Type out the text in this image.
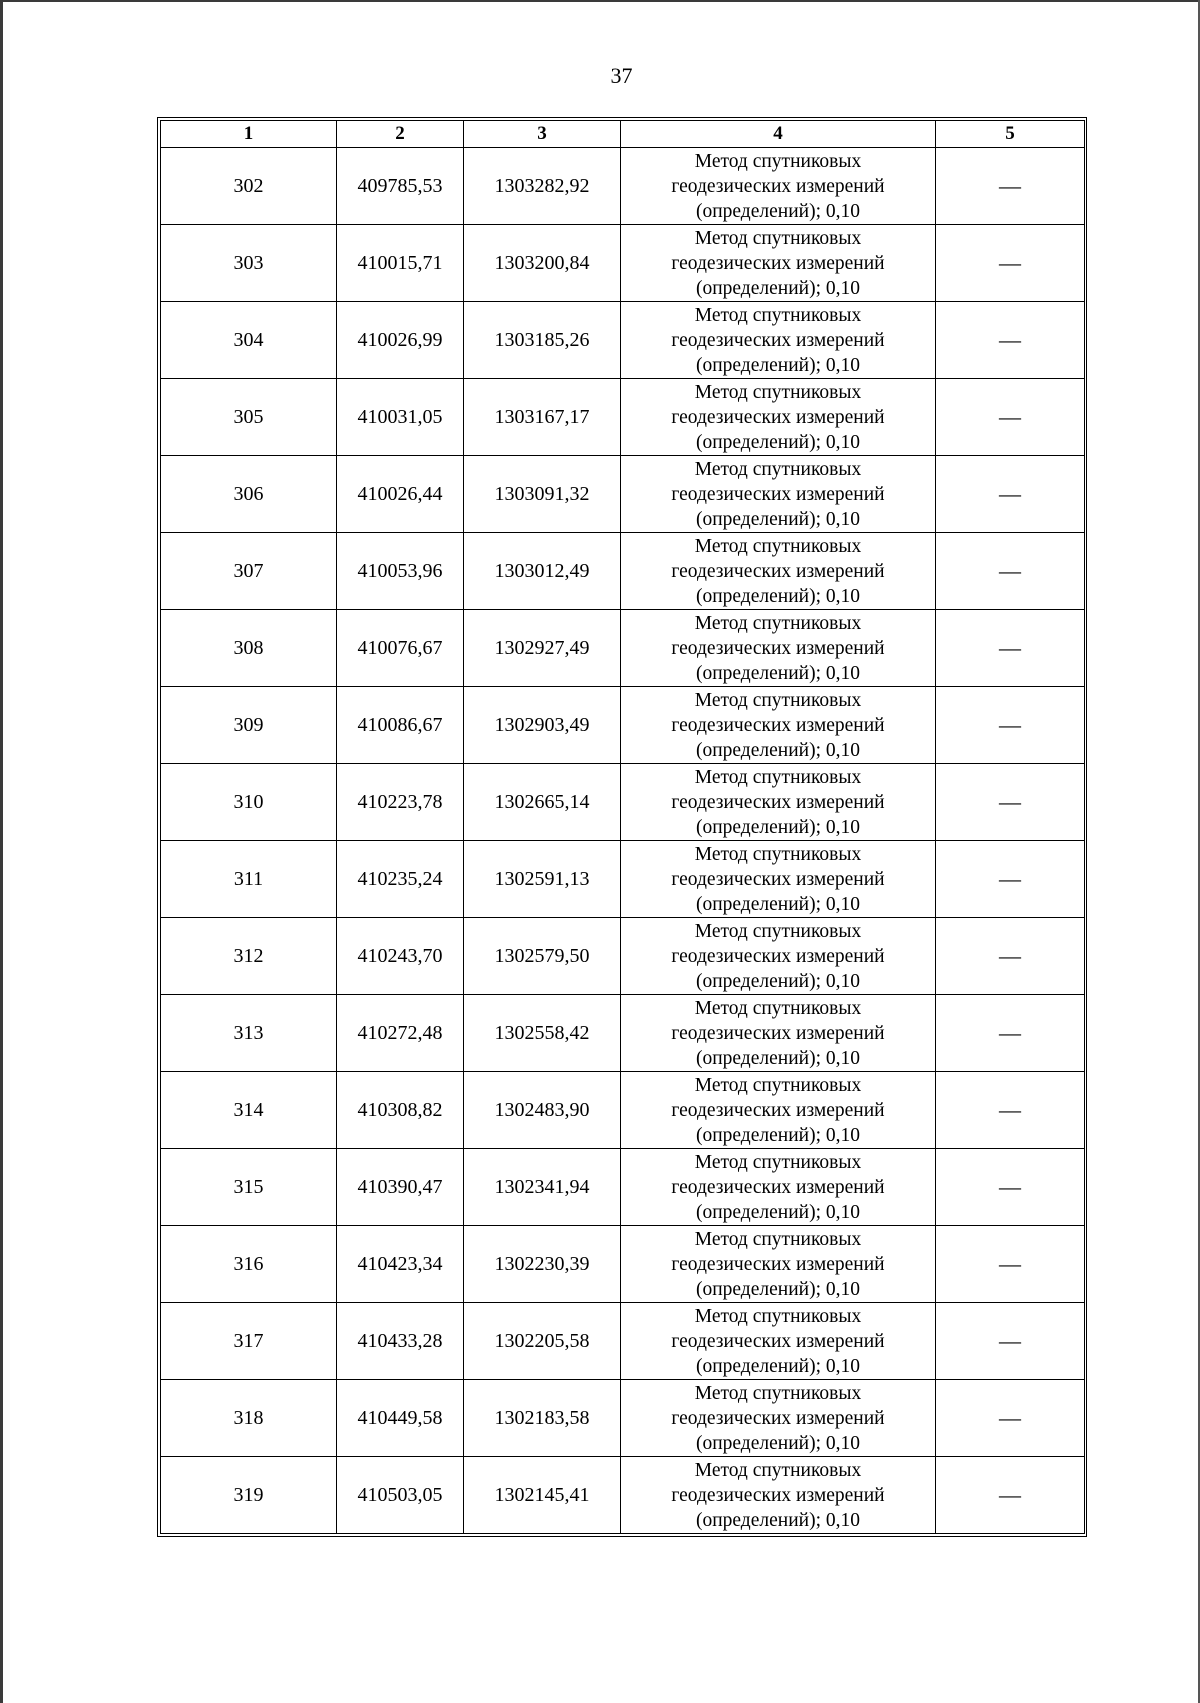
37
1	2	3	4	5
302	409785,53	1303282,92	Метод спутниковых
геодезических измерений
(определений); 0,10	—
303	410015,71	1303200,84	Метод спутниковых
геодезических измерений
(определений); 0,10	—
304	410026,99	1303185,26	Метод спутниковых
геодезических измерений
(определений); 0,10	—
305	410031,05	1303167,17	Метод спутниковых
геодезических измерений
(определений); 0,10	—
306	410026,44	1303091,32	Метод спутниковых
геодезических измерений
(определений); 0,10	—
307	410053,96	1303012,49	Метод спутниковых
геодезических измерений
(определений); 0,10	—
308	410076,67	1302927,49	Метод спутниковых
геодезических измерений
(определений); 0,10	—
309	410086,67	1302903,49	Метод спутниковых
геодезических измерений
(определений); 0,10	—
310	410223,78	1302665,14	Метод спутниковых
геодезических измерений
(определений); 0,10	—
311	410235,24	1302591,13	Метод спутниковых
геодезических измерений
(определений); 0,10	—
312	410243,70	1302579,50	Метод спутниковых
геодезических измерений
(определений); 0,10	—
313	410272,48	1302558,42	Метод спутниковых
геодезических измерений
(определений); 0,10	—
314	410308,82	1302483,90	Метод спутниковых
геодезических измерений
(определений); 0,10	—
315	410390,47	1302341,94	Метод спутниковых
геодезических измерений
(определений); 0,10	—
316	410423,34	1302230,39	Метод спутниковых
геодезических измерений
(определений); 0,10	—
317	410433,28	1302205,58	Метод спутниковых
геодезических измерений
(определений); 0,10	—
318	410449,58	1302183,58	Метод спутниковых
геодезических измерений
(определений); 0,10	—
319	410503,05	1302145,41	Метод спутниковых
геодезических измерений
(определений); 0,10	—
